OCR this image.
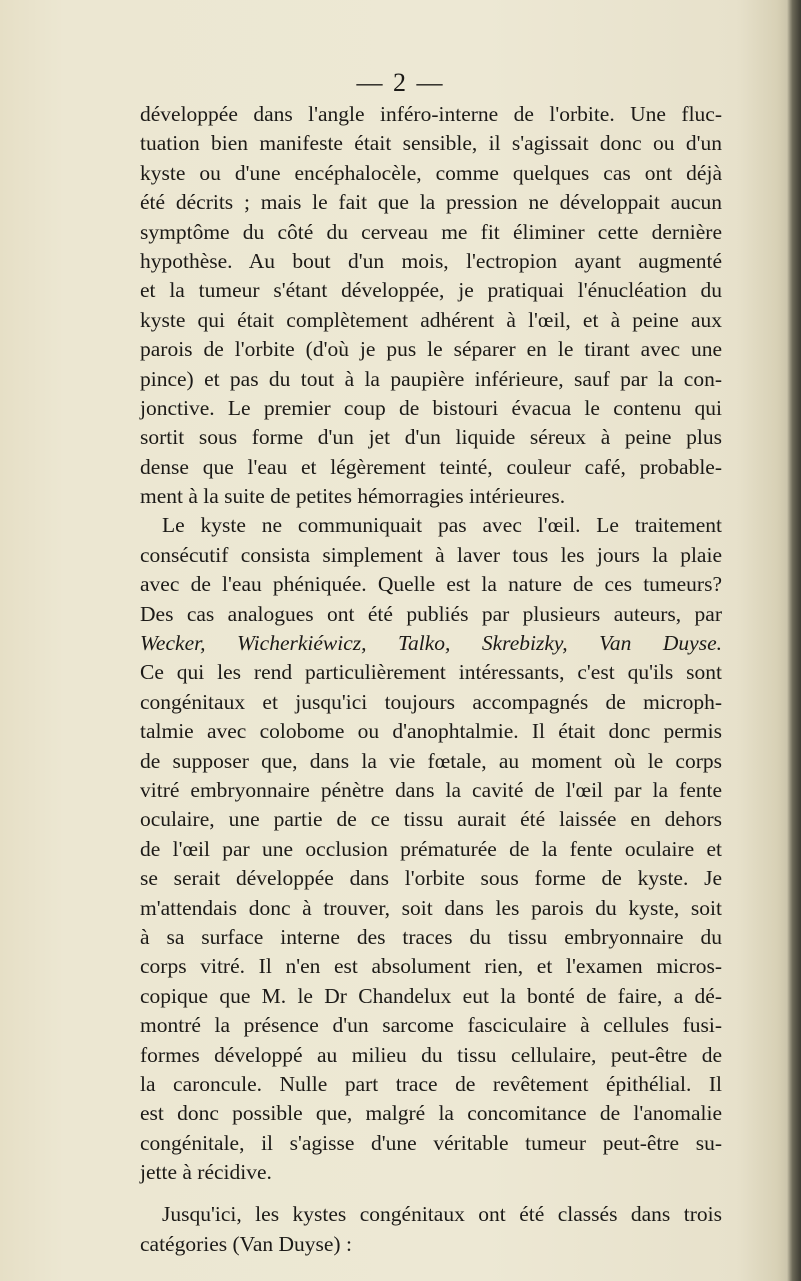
— 2 —
développée dans l'angle inféro-interne de l'orbite. Une fluc-
tuation bien manifeste était sensible, il s'agissait donc ou d'un
kyste ou d'une encéphalocèle, comme quelques cas ont déjà
été décrits ; mais le fait que la pression ne développait aucun
symptôme du côté du cerveau me fit éliminer cette dernière
hypothèse. Au bout d'un mois, l'ectropion ayant augmenté
et la tumeur s'étant développée, je pratiquai l'énucléation du
kyste qui était complètement adhérent à l'œil, et à peine aux
parois de l'orbite (d'où je pus le séparer en le tirant avec une
pince) et pas du tout à la paupière inférieure, sauf par la con-
jonctive. Le premier coup de bistouri évacua le contenu qui
sortit sous forme d'un jet d'un liquide séreux à peine plus
dense que l'eau et légèrement teinté, couleur café, probable-
ment à la suite de petites hémorragies intérieures.
Le kyste ne communiquait pas avec l'œil. Le traitement
consécutif consista simplement à laver tous les jours la plaie
avec de l'eau phéniquée. Quelle est la nature de ces tumeurs?
Des cas analogues ont été publiés par plusieurs auteurs, par
Wecker, Wicherkiéwicz, Talko, Skrebizky, Van Duyse.
Ce qui les rend particulièrement intéressants, c'est qu'ils sont
congénitaux et jusqu'ici toujours accompagnés de microph-
talmie avec colobome ou d'anophtalmie. Il était donc permis
de supposer que, dans la vie fœtale, au moment où le corps
vitré embryonnaire pénètre dans la cavité de l'œil par la fente
oculaire, une partie de ce tissu aurait été laissée en dehors
de l'œil par une occlusion prématurée de la fente oculaire et
se serait développée dans l'orbite sous forme de kyste. Je
m'attendais donc à trouver, soit dans les parois du kyste, soit
à sa surface interne des traces du tissu embryonnaire du
corps vitré. Il n'en est absolument rien, et l'examen micros-
copique que M. le Dr Chandelux eut la bonté de faire, a dé-
montré la présence d'un sarcome fasciculaire à cellules fusi-
formes développé au milieu du tissu cellulaire, peut-être de
la caroncule. Nulle part trace de revêtement épithélial. Il
est donc possible que, malgré la concomitance de l'anomalie
congénitale, il s'agisse d'une véritable tumeur peut-être su-
jette à récidive.
Jusqu'ici, les kystes congénitaux ont été classés dans trois
catégories (Van Duyse) :
